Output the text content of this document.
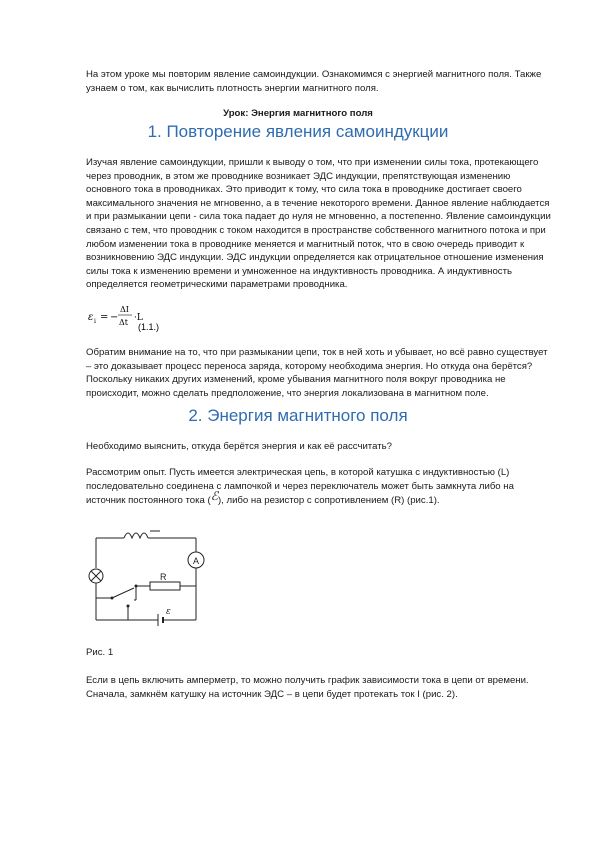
На этом уроке мы повторим явление самоиндукции. Ознакомимся с энергией магнитного поля. Также узнаем о том, как вычислить плотность энергии магнитного поля.

Урок: Энергия магнитного поля

1. Повторение явления самоиндукции

Изучая явление самоиндукции, пришли к выводу о том, что при изменении силы тока, протекающего через проводник, в этом же проводнике возникает ЭДС индукции, препятствующая изменению основного тока в проводниках. Это приводит к тому, что сила тока в проводнике достигает своего максимального значения не мгновенно, а в течение некоторого времени. Данное явление наблюдается и при размыкании цепи - сила тока падает до нуля не мгновенно, а постепенно. Явление самоиндукции связано с тем, что проводник с током находится в пространстве собственного магнитного потока и при любом изменении тока в проводнике меняется и магнитный поток, что в свою очередь приводит к возникновению ЭДС индукции. ЭДС индукции определяется как отрицательное отношение изменения силы тока к изменению времени и умноженное на индуктивность проводника. А индуктивность определяется геометрическими параметрами проводника.

ε i = −
ΔI
Δt ·L
(1.1.)

Обратим внимание на то, что при размыкании цепи, ток в ней хоть и убывает, но всё равно существует – это доказывает процесс переноса заряда, которому необходима энергия. Но откуда она берётся? Поскольку никаких других изменений, кроме убывания магнитного поля вокруг проводника не происходит, можно сделать предположение, что энергия локализована в магнитном поле.

2. Энергия магнитного поля

Необходимо выяснить, откуда берётся энергия и как её рассчитать?

Рассмотрим опыт. Пусть имеется электрическая цепь, в которой катушка с индуктивностью (L) последовательно соединена с лампочкой и через переключатель может быть замкнута либо на источник постоянного тока (ℰ), либо на резистор с сопротивлением (R) (рис.1).

A
R
ε

Рис. 1

Если в цепь включить амперметр, то можно получить график зависимости тока в цепи от времени. Сначала, замкнём катушку на источник ЭДС – в цепи будет протекать ток I (рис. 2).
